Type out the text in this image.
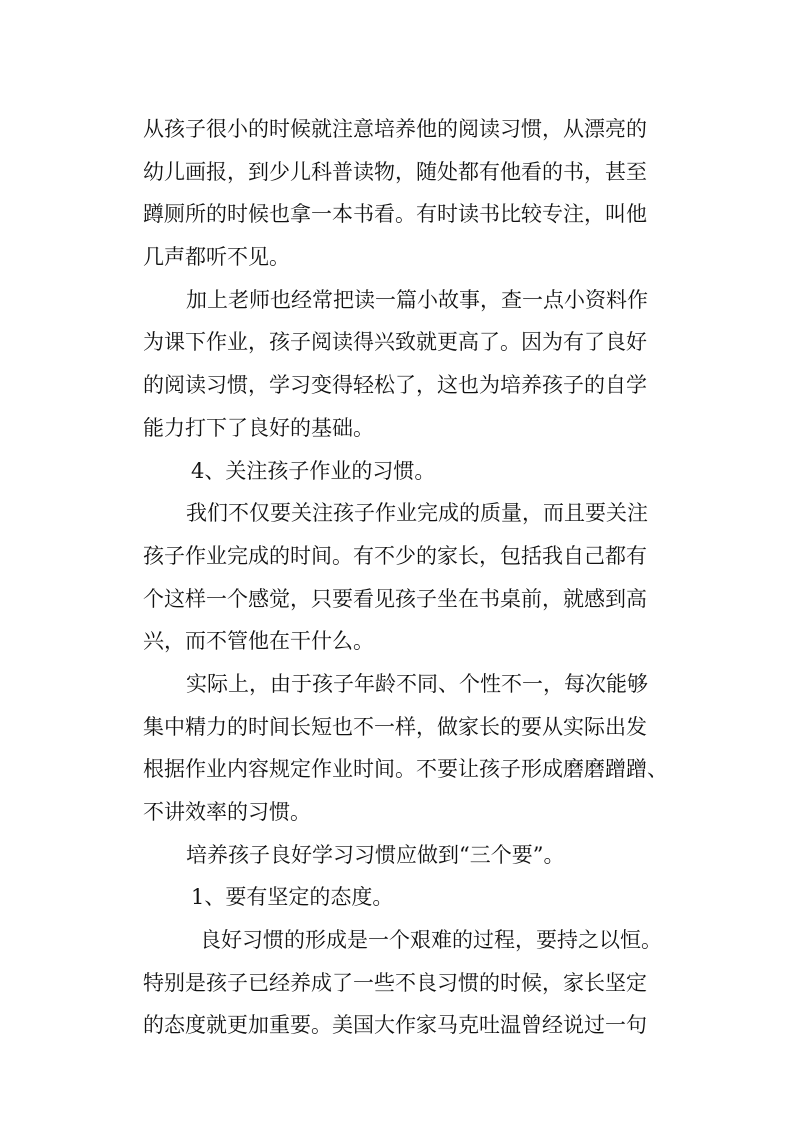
从孩子很小的时候就注意培养他的阅读习惯，从漂亮的

幼儿画报，到少儿科普读物，随处都有他看的书，甚至

蹲厕所的时候也拿一本书看。有时读书比较专注，叫他

几声都听不见。

加上老师也经常把读一篇小故事，查一点小资料作

为课下作业，孩子阅读得兴致就更高了。因为有了良好

的阅读习惯，学习变得轻松了，这也为培养孩子的自学

能力打下了良好的基础。

4、关注孩子作业的习惯。

我们不仅要关注孩子作业完成的质量，而且要关注

孩子作业完成的时间。有不少的家长，包括我自己都有

个这样一个感觉，只要看见孩子坐在书桌前，就感到高

兴，而不管他在干什么。

实际上，由于孩子年龄不同、个性不一，每次能够

集中精力的时间长短也不一样，做家长的要从实际出发

根据作业内容规定作业时间。不要让孩子形成磨磨蹭蹭、

不讲效率的习惯。

培养孩子良好学习习惯应做到“三个要”。

1、要有坚定的态度。

良好习惯的形成是一个艰难的过程，要持之以恒。

特别是孩子已经养成了一些不良习惯的时候，家长坚定

的态度就更加重要。美国大作家马克吐温曾经说过一句
